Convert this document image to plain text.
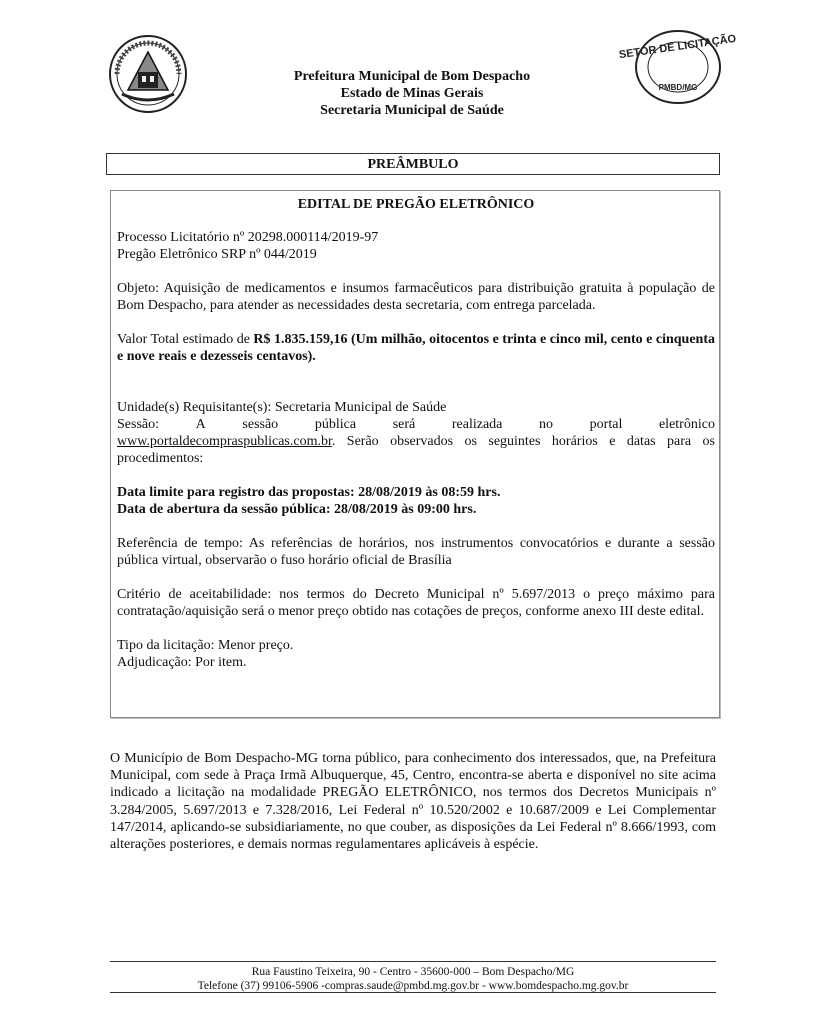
SETOR DE LICITAÇÃO
PMBD/MG
Prefeitura Municipal de Bom Despacho
Estado de Minas Gerais
Secretaria Municipal de Saúde
PREÂMBULO
EDITAL DE PREGÃO ELETRÔNICO

Processo Licitatório nº 20298.000114/2019-97

Pregão Eletrônico SRP nº 044/2019

Objeto: Aquisição de medicamentos e insumos farmacêuticos para distribuição gratuita à população de Bom Despacho, para atender as necessidades desta secretaria, com entrega parcelada.

Valor Total estimado de R$ 1.835.159,16 (Um milhão, oitocentos e trinta e cinco mil, cento e cinquenta e nove reais e dezesseis centavos).

Unidade(s) Requisitante(s): Secretaria Municipal de Saúde

Sessão:	A	sessão	pública	será	realizada	no	portal	eletrônico

www.portaldecompraspublicas.com.br. Serão observados os seguintes horários e datas para os procedimentos:

Data limite para registro das propostas: 28/08/2019 às 08:59 hrs.

Data de abertura da sessão pública: 28/08/2019 às 09:00 hrs.

Referência de tempo: As referências de horários, nos instrumentos convocatórios e durante a sessão pública virtual, observarão o fuso horário oficial de Brasília

Critério de aceitabilidade: nos termos do Decreto Municipal nº 5.697/2013 o preço máximo para contratação/aquisição será o menor preço obtido nas cotações de preços, conforme anexo III deste edital.

Tipo da licitação: Menor preço.

Adjudicação: Por item.

O Município de Bom Despacho-MG torna público, para conhecimento dos interessados, que, na Prefeitura Municipal, com sede à Praça Irmã Albuquerque, 45, Centro, encontra-se aberta e disponível no site acima indicado a licitação na modalidade PREGÃO ELETRÔNICO, nos termos dos Decretos Municipais nº 3.284/2005, 5.697/2013 e 7.328/2016, Lei Federal nº 10.520/2002 e 10.687/2009 e Lei Complementar 147/2014, aplicando-se subsidiariamente, no que couber, as disposições da Lei Federal nº 8.666/1993, com alterações posteriores, e demais normas regulamentares aplicáveis à espécie.

Rua Faustino Teixeira, 90 - Centro - 35600-000 – Bom Despacho/MG
Telefone (37) 99106-5906 -compras.saude@pmbd.mg.gov.br - www.bomdespacho.mg.gov.br
